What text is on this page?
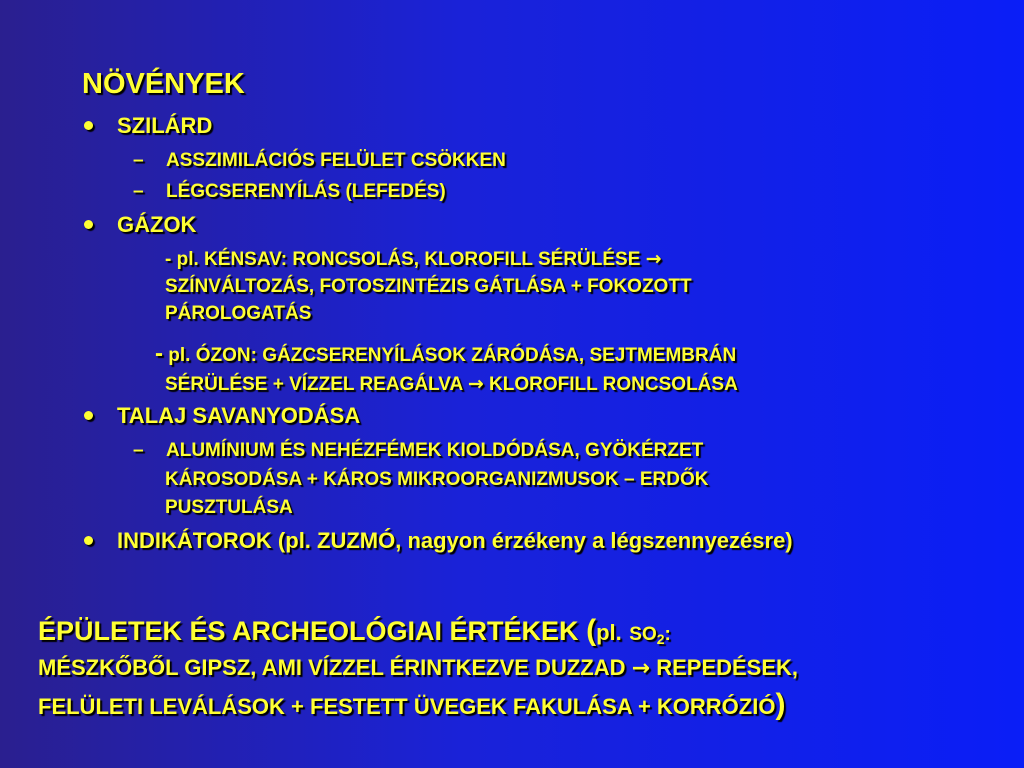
NÖVÉNYEK
SZILÁRD
– ASSZIMILÁCIÓS FELÜLET CSÖKKEN
– LÉGCSERENYÍLÁS (LEFEDÉS)
GÁZOK
- pl. KÉNSAV: RONCSOLÁS, KLOROFILL SÉRÜLÉSE →
SZÍNVÁLTOZÁS, FOTOSZINTÉZIS GÁTLÁSA + FOKOZOTT
PÁROLOGATÁS
- pl. ÓZON: GÁZCSERENYÍLÁSOK ZÁRÓDÁSA, SEJTMEMBRÁN
SÉRÜLÉSE + VÍZZEL REAGÁLVA → KLOROFILL RONCSOLÁSA
TALAJ SAVANYODÁSA
– ALUMÍNIUM ÉS NEHÉZFÉMEK KIOLDÓDÁSA, GYÖKÉRZET
KÁROSODÁSA + KÁROS MIKROORGANIZMUSOK – ERDŐK
PUSZTULÁSA
INDIKÁTOROK (pl. ZUZMÓ, nagyon érzékeny a légszennyezésre)
ÉPÜLETEK ÉS ARCHEOLÓGIAI ÉRTÉKEK (pl. $SO_2$:
MÉSZKŐBŐL GIPSZ, AMI VÍZZEL ÉRINTKEZVE DUZZAD → REPEDÉSEK,
FELÜLETI LEVÁLÁSOK + FESTETT ÜVEGEK FAKULÁSA + KORRÓZIÓ)
